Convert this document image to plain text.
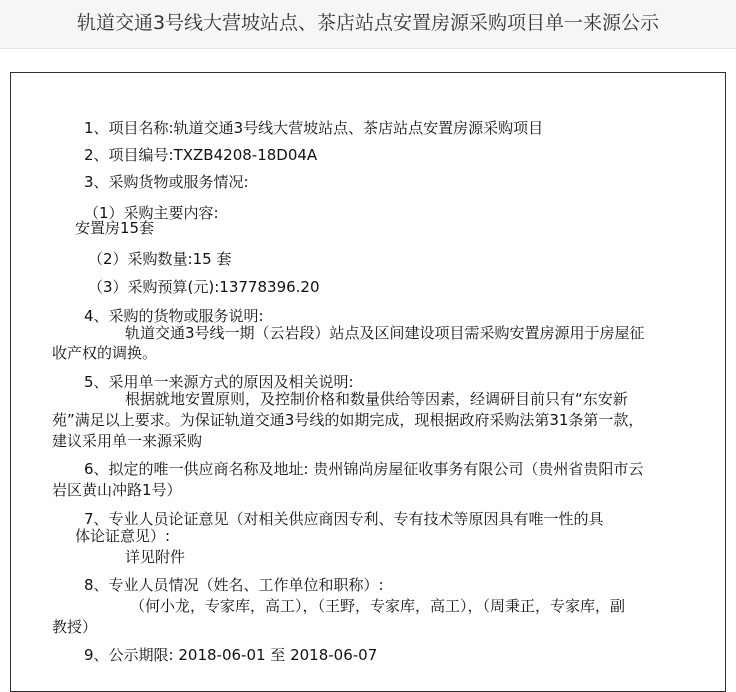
轨道交通3号线大营坡站点、茶店站点安置房源采购项目单一来源公示
1、项目名称:轨道交通3号线大营坡站点、茶店站点安置房源采购项目
2、项目编号:TXZB4208-18D04A
3、采购货物或服务情况:
（1）采购主要内容:
安置房15套
（2）采购数量:15 套
（3）采购预算(元):13778396.20
4、采购的货物或服务说明:
轨道交通3号线一期（云岩段）站点及区间建设项目需采购安置房源用于房屋征
收产权的调换。
5、采用单一来源方式的原因及相关说明:
根据就地安置原则，及控制价格和数量供给等因素，经调研目前只有“东安新
苑”满足以上要求。为保证轨道交通3号线的如期完成，现根据政府采购法第31条第一款，
建议采用单一来源采购
6、拟定的唯一供应商名称及地址: 贵州锦尚房屋征收事务有限公司（贵州省贵阳市云
岩区黄山冲路1号）
7、专业人员论证意见（对相关供应商因专利、专有技术等原因具有唯一性的具
体论证意见）:
详见附件
8、专业人员情况（姓名、工作单位和职称）:
（何小龙，专家库，高工），（王野，专家库，高工），（周秉正，专家库，副
教授）
9、公示期限: 2018-06-01 至 2018-06-07
